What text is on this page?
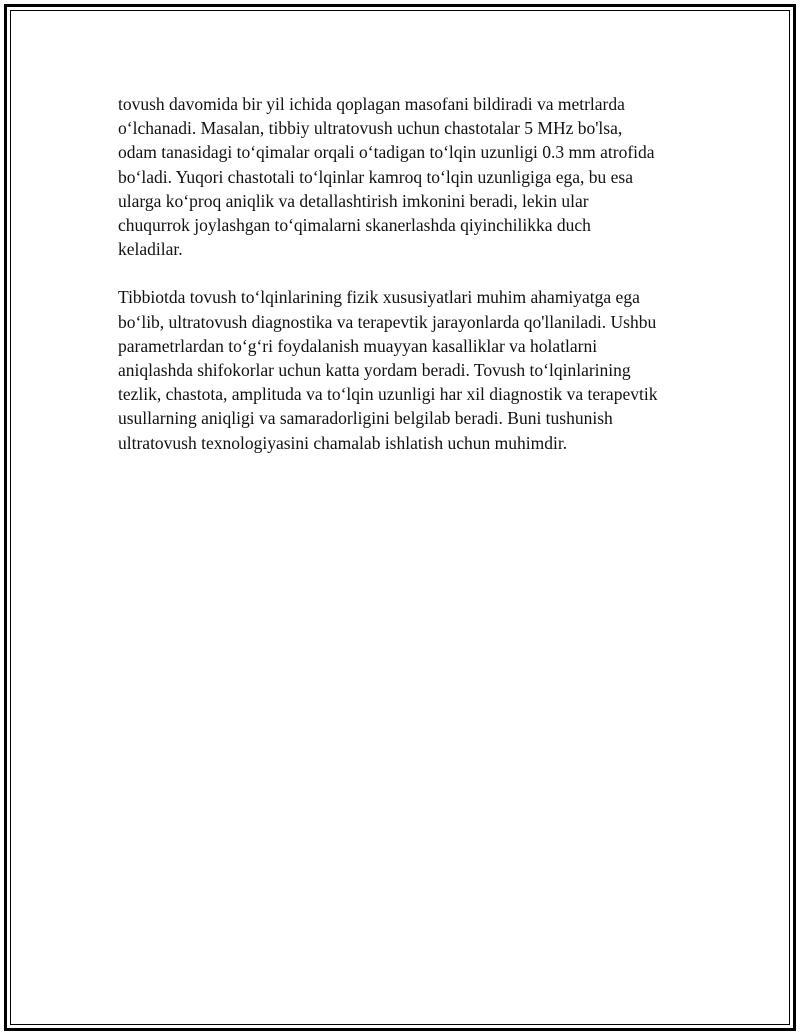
tovush davomida bir yil ichida qoplagan masofani bildiradi va metrlarda
o‘lchanadi. Masalan, tibbiy ultratovush uchun chastotalar 5 MHz bo'lsa,
odam tanasidagi to‘qimalar orqali o‘tadigan to‘lqin uzunligi 0.3 mm atrofida
bo‘ladi. Yuqori chastotali to‘lqinlar kamroq to‘lqin uzunligiga ega, bu esa
ularga ko‘proq aniqlik va detallashtirish imkonini beradi, lekin ular
chuqurrok joylashgan to‘qimalarni skanerlashda qiyinchilikka duch
keladilar.

Tibbiotda tovush to‘lqinlarining fizik xususiyatlari muhim ahamiyatga ega
bo‘lib, ultratovush diagnostika va terapevtik jarayonlarda qo'llaniladi. Ushbu
parametrlardan to‘g‘ri foydalanish muayyan kasalliklar va holatlarni
aniqlashda shifokorlar uchun katta yordam beradi. Tovush to‘lqinlarining
tezlik, chastota, amplituda va to‘lqin uzunligi har xil diagnostik va terapevtik
usullarning aniqligi va samaradorligini belgilab beradi. Buni tushunish
ultratovush texnologiyasini chamalab ishlatish uchun muhimdir.
